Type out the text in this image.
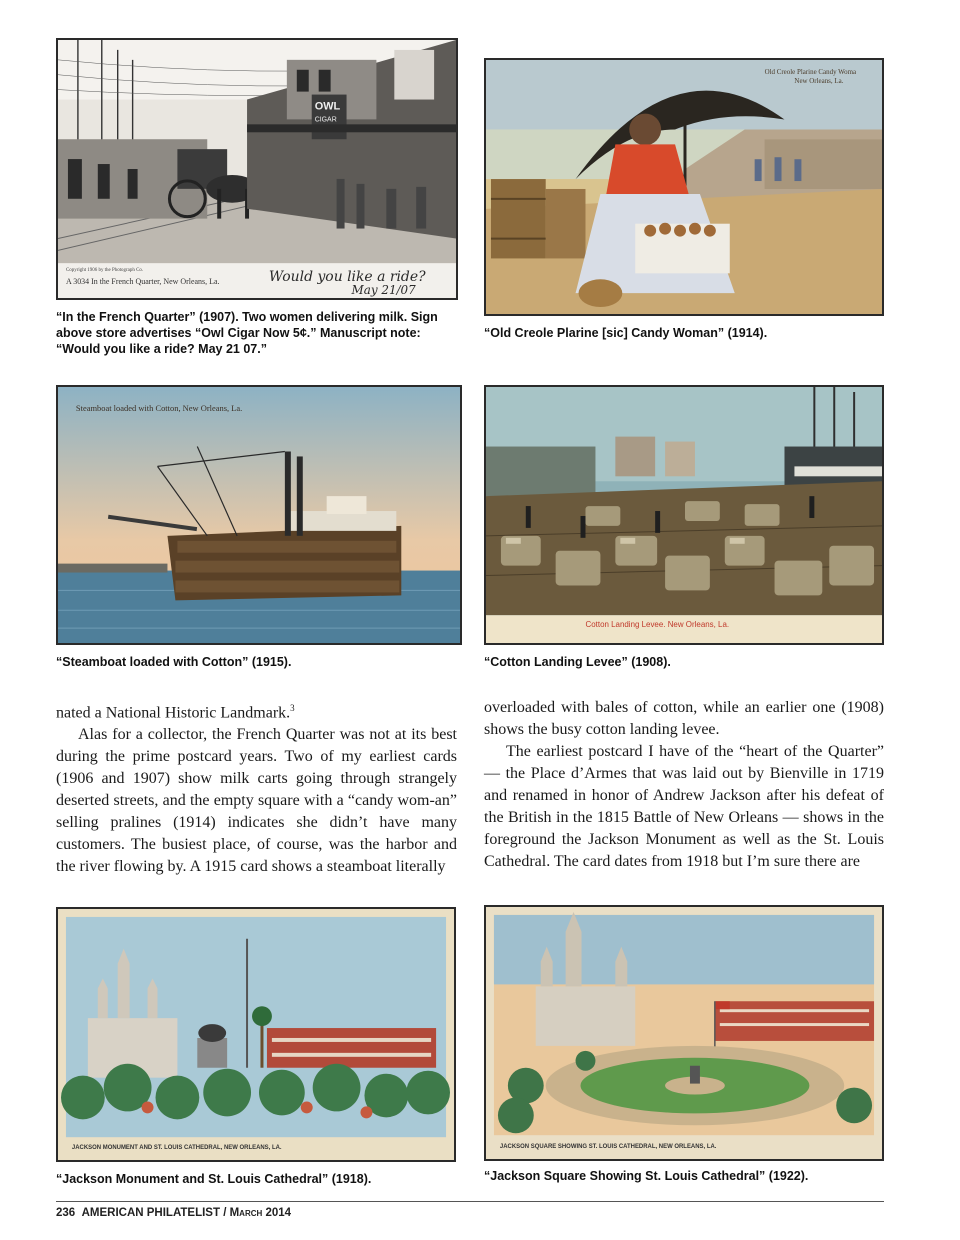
OWL
CIGAR
Copyright 1906 by the Photograph Co.
A 3034 In the French Quarter, New Orleans, La.	Would you like a ride?
May 21/07
“In the French Quarter” (1907). Two women delivering milk. Sign above store advertises “Owl Cigar Now 5¢.” Manuscript note: “Would you like a ride? May 21 07.”
Old Creole Plarine Candy Woma
New Orleans, La.
“Old Creole Plarine [sic] Candy Woman” (1914).
Steamboat loaded with Cotton, New Orleans, La.
“Steamboat loaded with Cotton” (1915).
Cotton Landing Levee. New Orleans, La.
“Cotton Landing Levee” (1908).

nated a National Historic Landmark.$^3$

Alas for a collector, the French Quarter was not at its best during the prime postcard years. Two of my earliest cards (1906 and 1907) show milk carts going through strangely deserted streets, and the empty square with a “candy wom-an” selling pralines (1914) indicates she didn’t have many customers. The busiest place, of course, was the harbor and the river flowing by. A 1915 card shows a steamboat literally

overloaded with bales of cotton, while an earlier one (1908) shows the busy cotton landing levee.

The earliest postcard I have of the “heart of the Quarter” — the Place d’Armes that was laid out by Bienville in 1719 and renamed in honor of Andrew Jackson after his defeat of the British in the 1815 Battle of New Orleans — shows in the foreground the Jackson Monument as well as the St. Louis Cathedral. The card dates from 1918 but I’m sure there are

JACKSON MONUMENT AND ST. LOUIS CATHEDRAL, NEW ORLEANS, LA.
“Jackson Monument and St. Louis Cathedral” (1918).
JACKSON SQUARE SHOWING ST. LOUIS CATHEDRAL, NEW ORLEANS, LA.
“Jackson Square Showing St. Louis Cathedral” (1922).
236 AMERICAN PHILATELIST / March 2014
